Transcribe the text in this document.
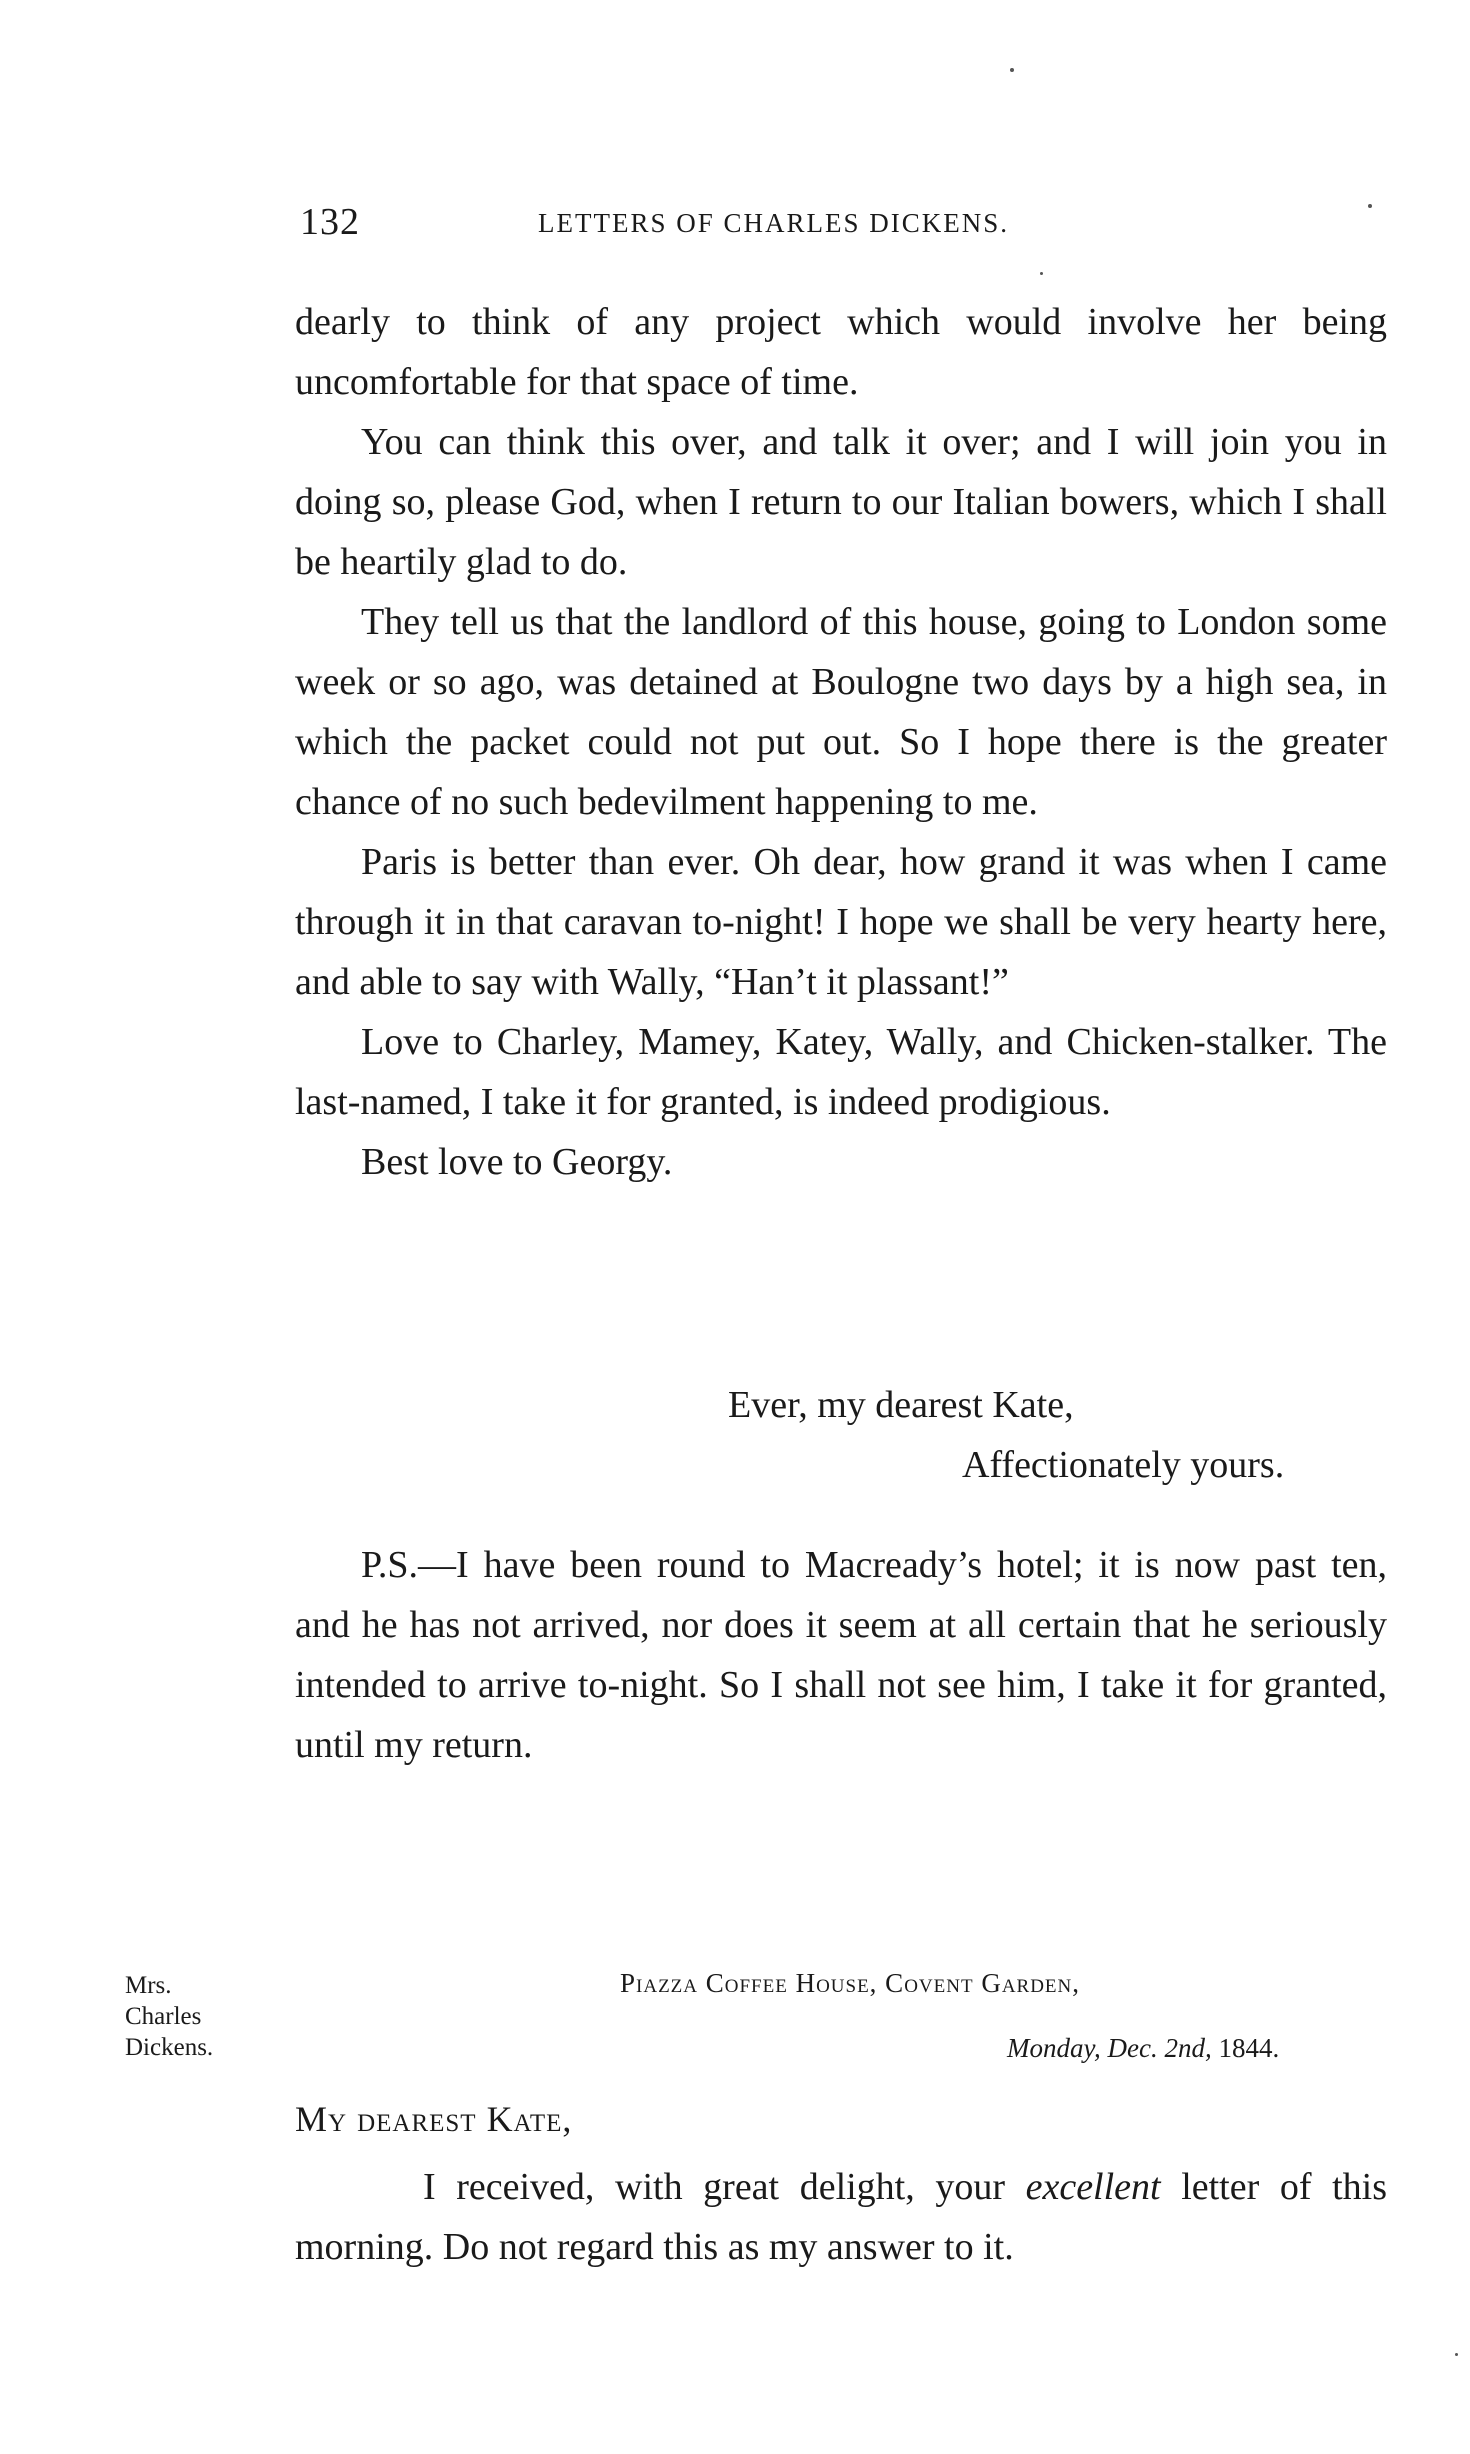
132	LETTERS OF CHARLES DICKENS.

dearly to think of any project which would involve her being uncomfortable for that space of time.

You can think this over, and talk it over; and I will join you in doing so, please God, when I return to our Italian bowers, which I shall be heartily glad to do.

They tell us that the landlord of this house, going to London some week or so ago, was detained at Boulogne two days by a high sea, in which the packet could not put out. So I hope there is the greater chance of no such bedevilment happening to me.

Paris is better than ever. Oh dear, how grand it was when I came through it in that caravan to-night! I hope we shall be very hearty here, and able to say with Wally, “Han’t it plassant!”

Love to Charley, Mamey, Katey, Wally, and Chicken-stalker. The last-named, I take it for granted, is indeed prodigious.

Best love to Georgy.

Ever, my dearest Kate,
Affectionately yours.

P.S.—I have been round to Macready’s hotel; it is now past ten, and he has not arrived, nor does it seem at all certain that he seriously intended to arrive to-night. So I shall not see him, I take it for granted, until my return.

Mrs.
Charles
Dickens.
Piazza Coffee House, Covent Garden,
Monday, Dec. 2nd, 1844.
My dearest Kate,

I received, with great delight, your excellent letter of this morning. Do not regard this as my answer to it.
